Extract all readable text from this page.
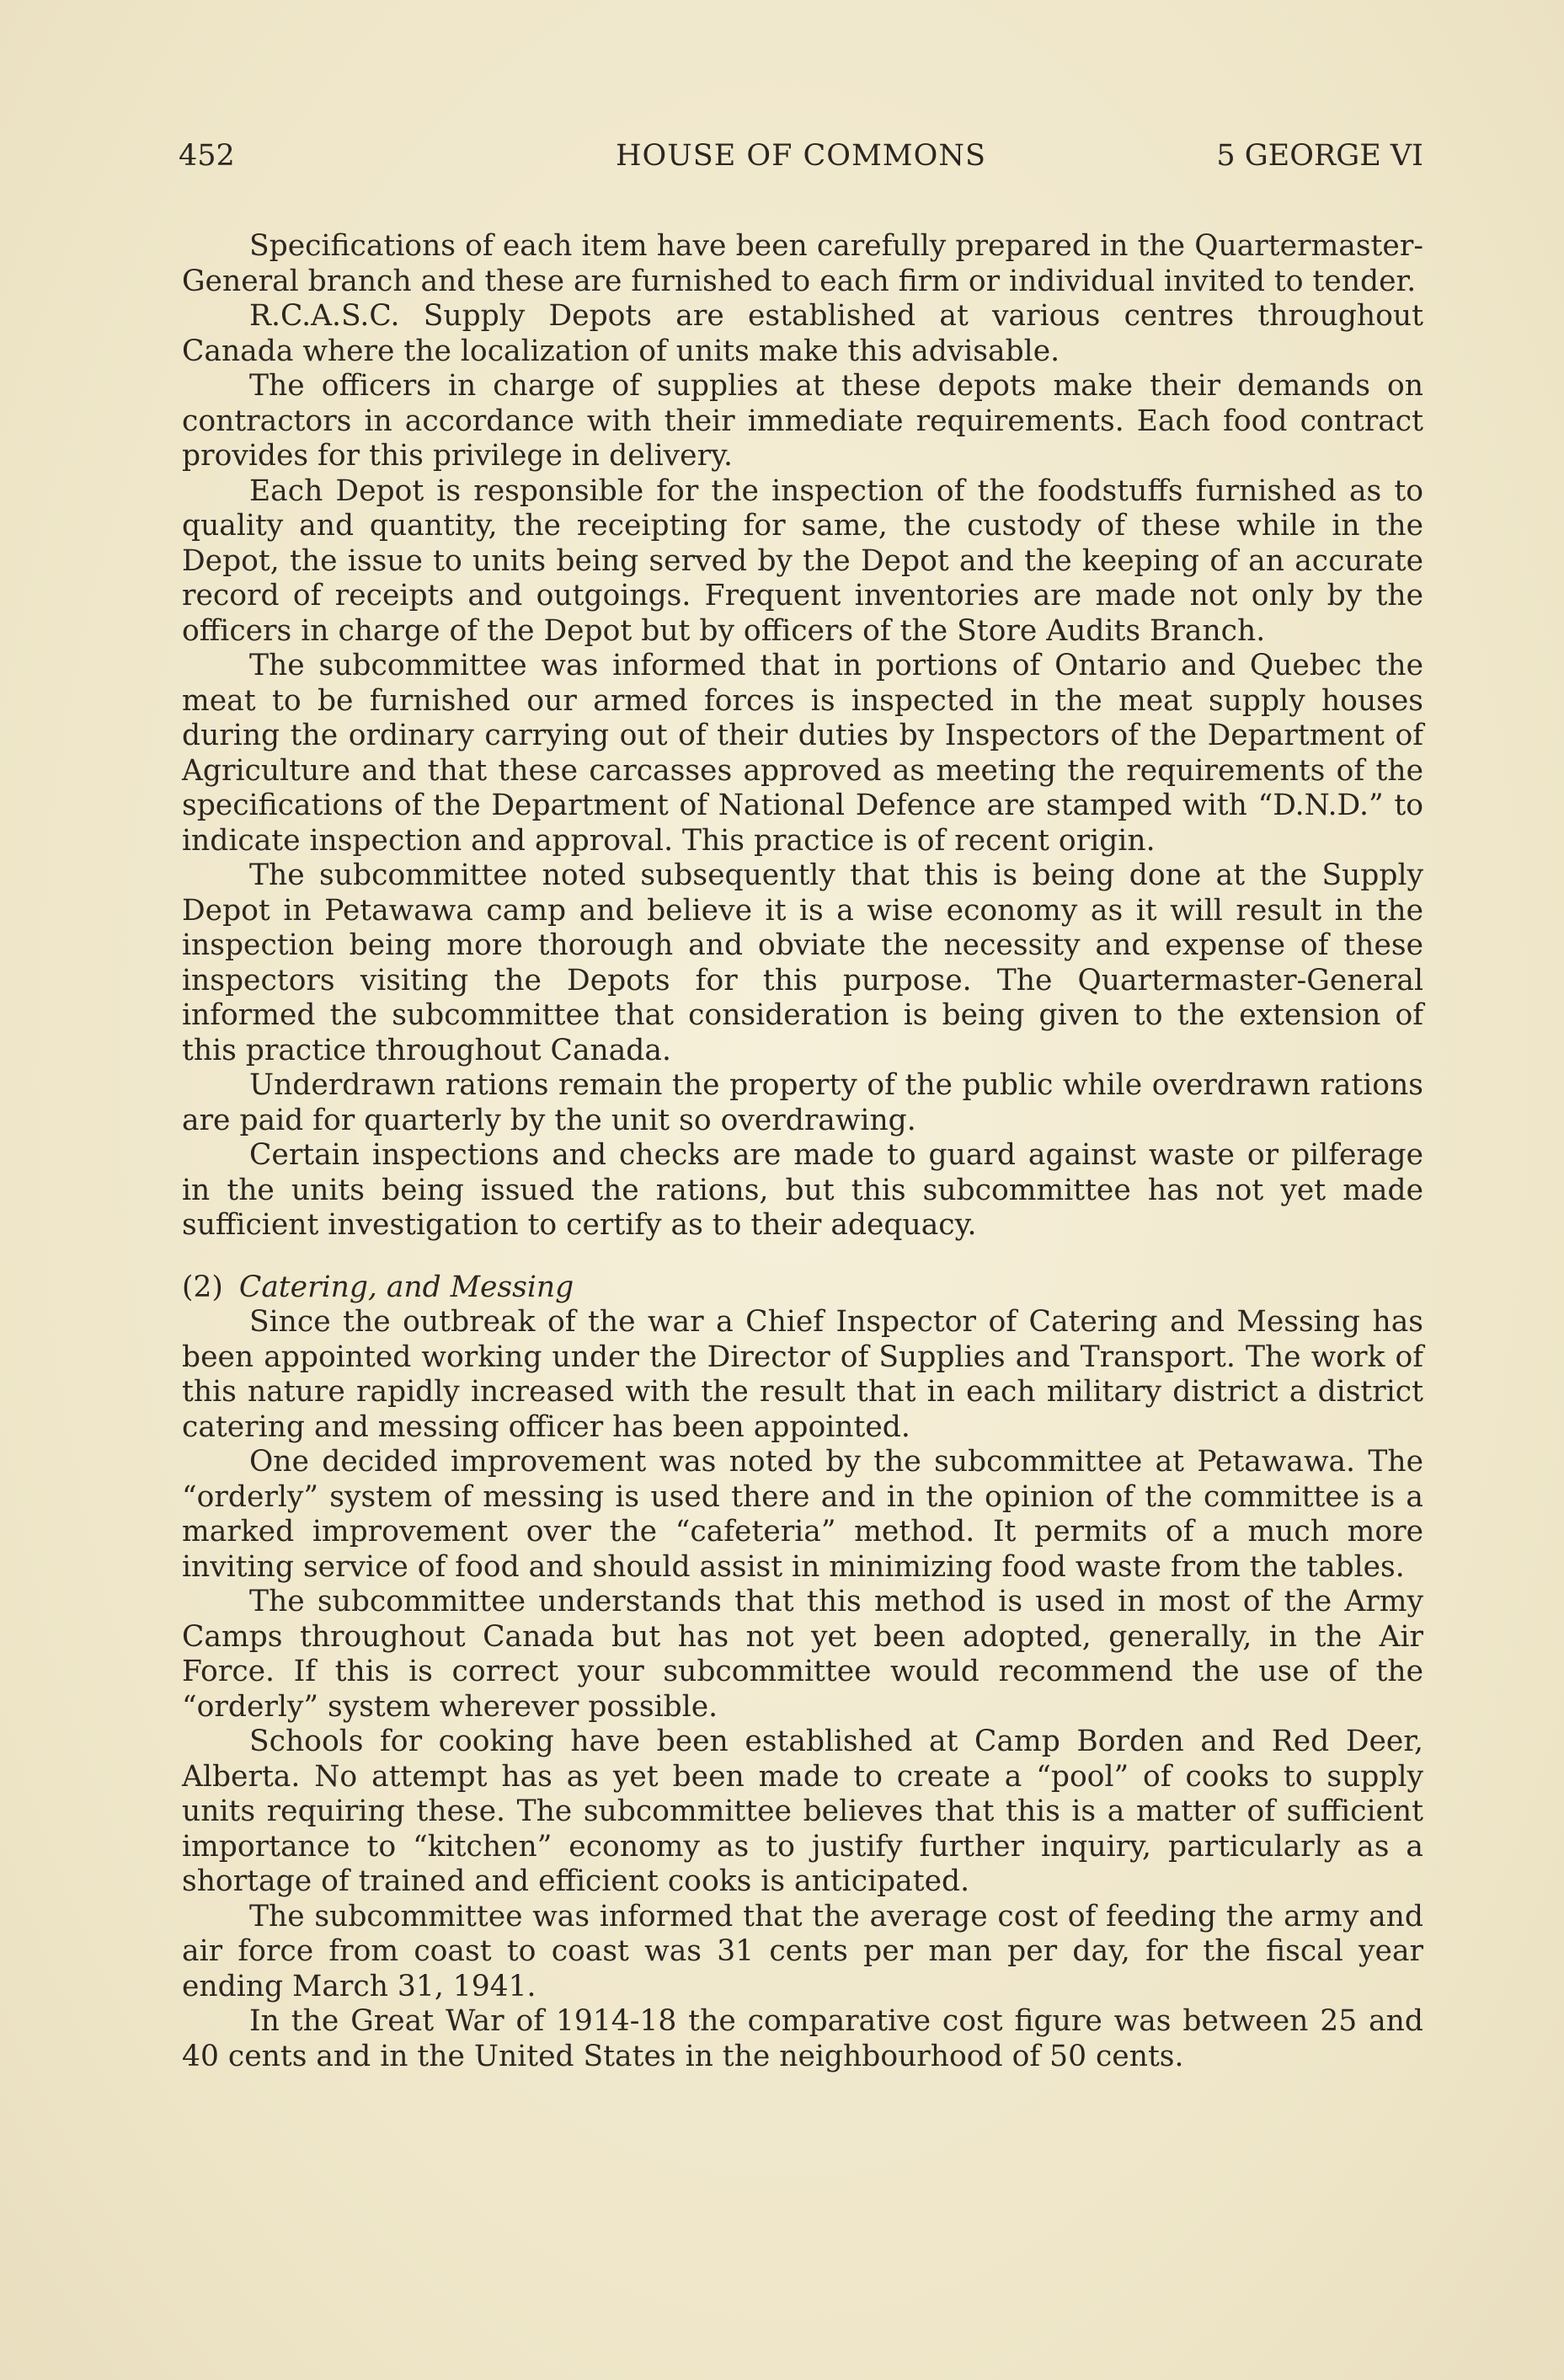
452	HOUSE OF COMMONS	5 GEORGE VI

Specifications of each item have been carefully prepared in the Quartermaster-General branch and these are furnished to each firm or individual invited to tender.

R.C.A.S.C. Supply Depots are established at various centres throughout Canada where the localization of units make this advisable.

The officers in charge of supplies at these depots make their demands on contractors in accordance with their immediate requirements. Each food contract provides for this privilege in delivery.

Each Depot is responsible for the inspection of the foodstuffs furnished as to quality and quantity, the receipting for same, the custody of these while in the Depot, the issue to units being served by the Depot and the keeping of an accurate record of receipts and outgoings. Frequent inventories are made not only by the officers in charge of the Depot but by officers of the Store Audits Branch.

The subcommittee was informed that in portions of Ontario and Quebec the meat to be furnished our armed forces is inspected in the meat supply houses during the ordinary carrying out of their duties by Inspectors of the Department of Agriculture and that these carcasses approved as meeting the requirements of the specifications of the Department of National Defence are stamped with “D.N.D.” to indicate inspection and approval. This practice is of recent origin.

The subcommittee noted subsequently that this is being done at the Supply Depot in Petawawa camp and believe it is a wise economy as it will result in the inspection being more thorough and obviate the necessity and expense of these inspectors visiting the Depots for this purpose. The Quartermaster-General informed the subcommittee that consideration is being given to the extension of this practice throughout Canada.

Underdrawn rations remain the property of the public while overdrawn rations are paid for quarterly by the unit so overdrawing.

Certain inspections and checks are made to guard against waste or pilferage in the units being issued the rations, but this subcommittee has not yet made sufficient investigation to certify as to their adequacy.

(2) Catering, and Messing

Since the outbreak of the war a Chief Inspector of Catering and Messing has been appointed working under the Director of Supplies and Transport. The work of this nature rapidly increased with the result that in each military district a district catering and messing officer has been appointed.

One decided improvement was noted by the subcommittee at Petawawa. The “orderly” system of messing is used there and in the opinion of the committee is a marked improvement over the “cafeteria” method. It permits of a much more inviting service of food and should assist in minimizing food waste from the tables.

The subcommittee understands that this method is used in most of the Army Camps throughout Canada but has not yet been adopted, generally, in the Air Force. If this is correct your subcommittee would recommend the use of the “orderly” system wherever possible.

Schools for cooking have been established at Camp Borden and Red Deer, Alberta. No attempt has as yet been made to create a “pool” of cooks to supply units requiring these. The subcommittee believes that this is a matter of sufficient importance to “kitchen” economy as to justify further inquiry, particularly as a shortage of trained and efficient cooks is anticipated.

The subcommittee was informed that the average cost of feeding the army and air force from coast to coast was 31 cents per man per day, for the fiscal year ending March 31, 1941.

In the Great War of 1914-18 the comparative cost figure was between 25 and 40 cents and in the United States in the neighbourhood of 50 cents.
